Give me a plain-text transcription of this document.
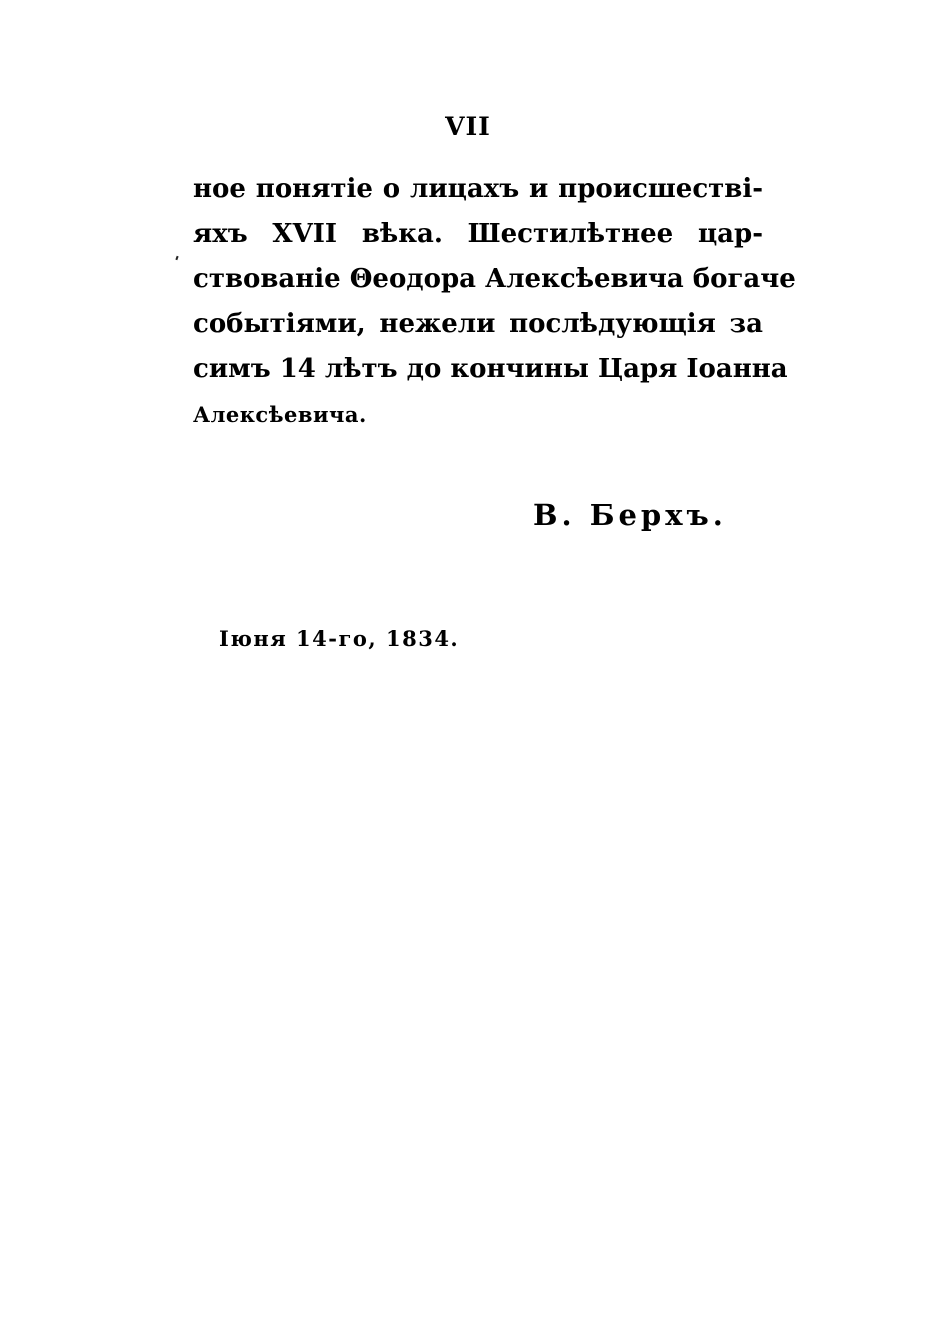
VII
ное понятіе о лицахъ и происшествi-
яхъ XVII вѣка. Шестилѣтнее цар-
ствованіе Θеодора Алексѣевича богаче
событіями, нежели послѣдующія за
симъ 14 лѣтъ до кончины Царя Іоанна
Алексѣевича.
В. Берхъ.
Іюня 14-го, 1834.
